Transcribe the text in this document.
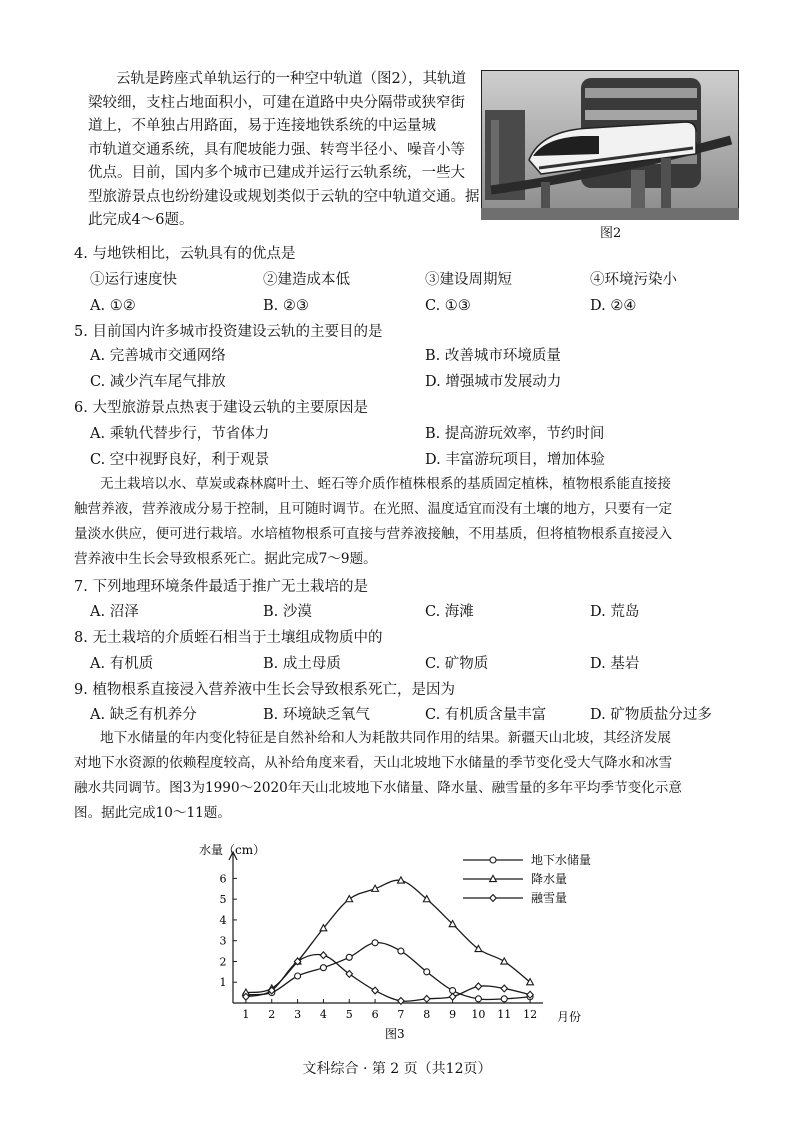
云轨是跨座式单轨运行的一种空中轨道（图2），其轨道
梁较细，支柱占地面积小，可建在道路中央分隔带或狭窄街
道上，不单独占用路面，易于连接地铁系统的中运量城
市轨道交通系统，具有爬坡能力强、转弯半径小、噪音小等
优点。目前，国内多个城市已建成并运行云轨系统，一些大
型旅游景点也纷纷建设或规划类似于云轨的空中轨道交通。据
此完成4～6题。
图2
4. 与地铁相比，云轨具有的优点是
①运行速度快	②建造成本低	③建设周期短	④环境污染小
A. ①②	B. ②③	C. ①③	D. ②④
5. 目前国内许多城市投资建设云轨的主要目的是
A. 完善城市交通网络	B. 改善城市环境质量
C. 减少汽车尾气排放	D. 增强城市发展动力
6. 大型旅游景点热衷于建设云轨的主要原因是
A. 乘轨代替步行，节省体力	B. 提高游玩效率，节约时间
C. 空中视野良好，利于观景	D. 丰富游玩项目，增加体验
无土栽培以水、草炭或森林腐叶土、蛭石等介质作植株根系的基质固定植株，植物根系能直接接
触营养液，营养液成分易于控制，且可随时调节。在光照、温度适宜而没有土壤的地方，只要有一定
量淡水供应，便可进行栽培。水培植物根系可直接与营养液接触，不用基质，但将植物根系直接浸入
营养液中生长会导致根系死亡。据此完成7～9题。
7. 下列地理环境条件最适于推广无土栽培的是
A. 沼泽	B. 沙漠	C. 海滩	D. 荒岛
8. 无土栽培的介质蛭石相当于土壤组成物质中的
A. 有机质	B. 成土母质	C. 矿物质	D. 基岩
9. 植物根系直接浸入营养液中生长会导致根系死亡，是因为
A. 缺乏有机养分	B. 环境缺乏氧气	C. 有机质含量丰富	D. 矿物质盐分过多
地下水储量的年内变化特征是自然补给和人为耗散共同作用的结果。新疆天山北坡，其经济发展
对地下水资源的依赖程度较高，从补给角度来看，天山北坡地下水储量的季节变化受大气降水和冰雪
融水共同调节。图3为1990～2020年天山北坡地下水储量、降水量、融雪量的多年平均季节变化示意
图。据此完成10～11题。
水量（cm）
月份
图3
1
2
3
4
5
6
1 2 3 4 5 6 7 8 9 10 11 12
地下水储量
降水量
融雪量
文科综合 · 第 2 页（共12页）
